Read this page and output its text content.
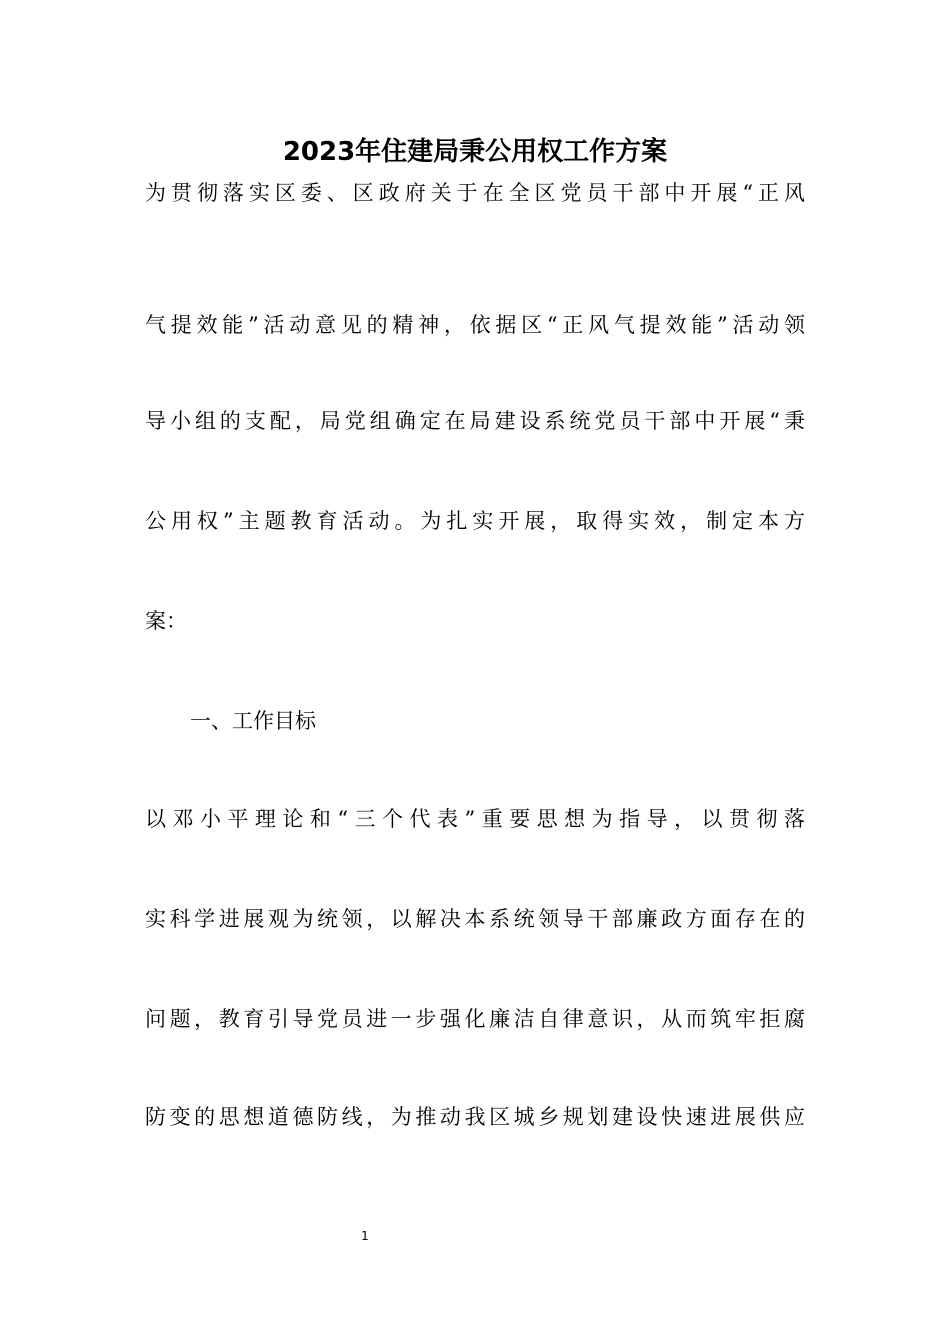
2023年住建局秉公用权工作方案
为贯彻落实区委、区政府关于在全区党员干部中开展“正风
气提效能”活动意见的精神，依据区“正风气提效能”活动领
导小组的支配，局党组确定在局建设系统党员干部中开展“秉
公用权”主题教育活动。为扎实开展，取得实效，制定本方
案：
一、工作目标
以邓小平理论和“三个代表”重要思想为指导，以贯彻落
实科学进展观为统领，以解决本系统领导干部廉政方面存在的
问题，教育引导党员进一步强化廉洁自律意识，从而筑牢拒腐
防变的思想道德防线，为推动我区城乡规划建设快速进展供应
1
